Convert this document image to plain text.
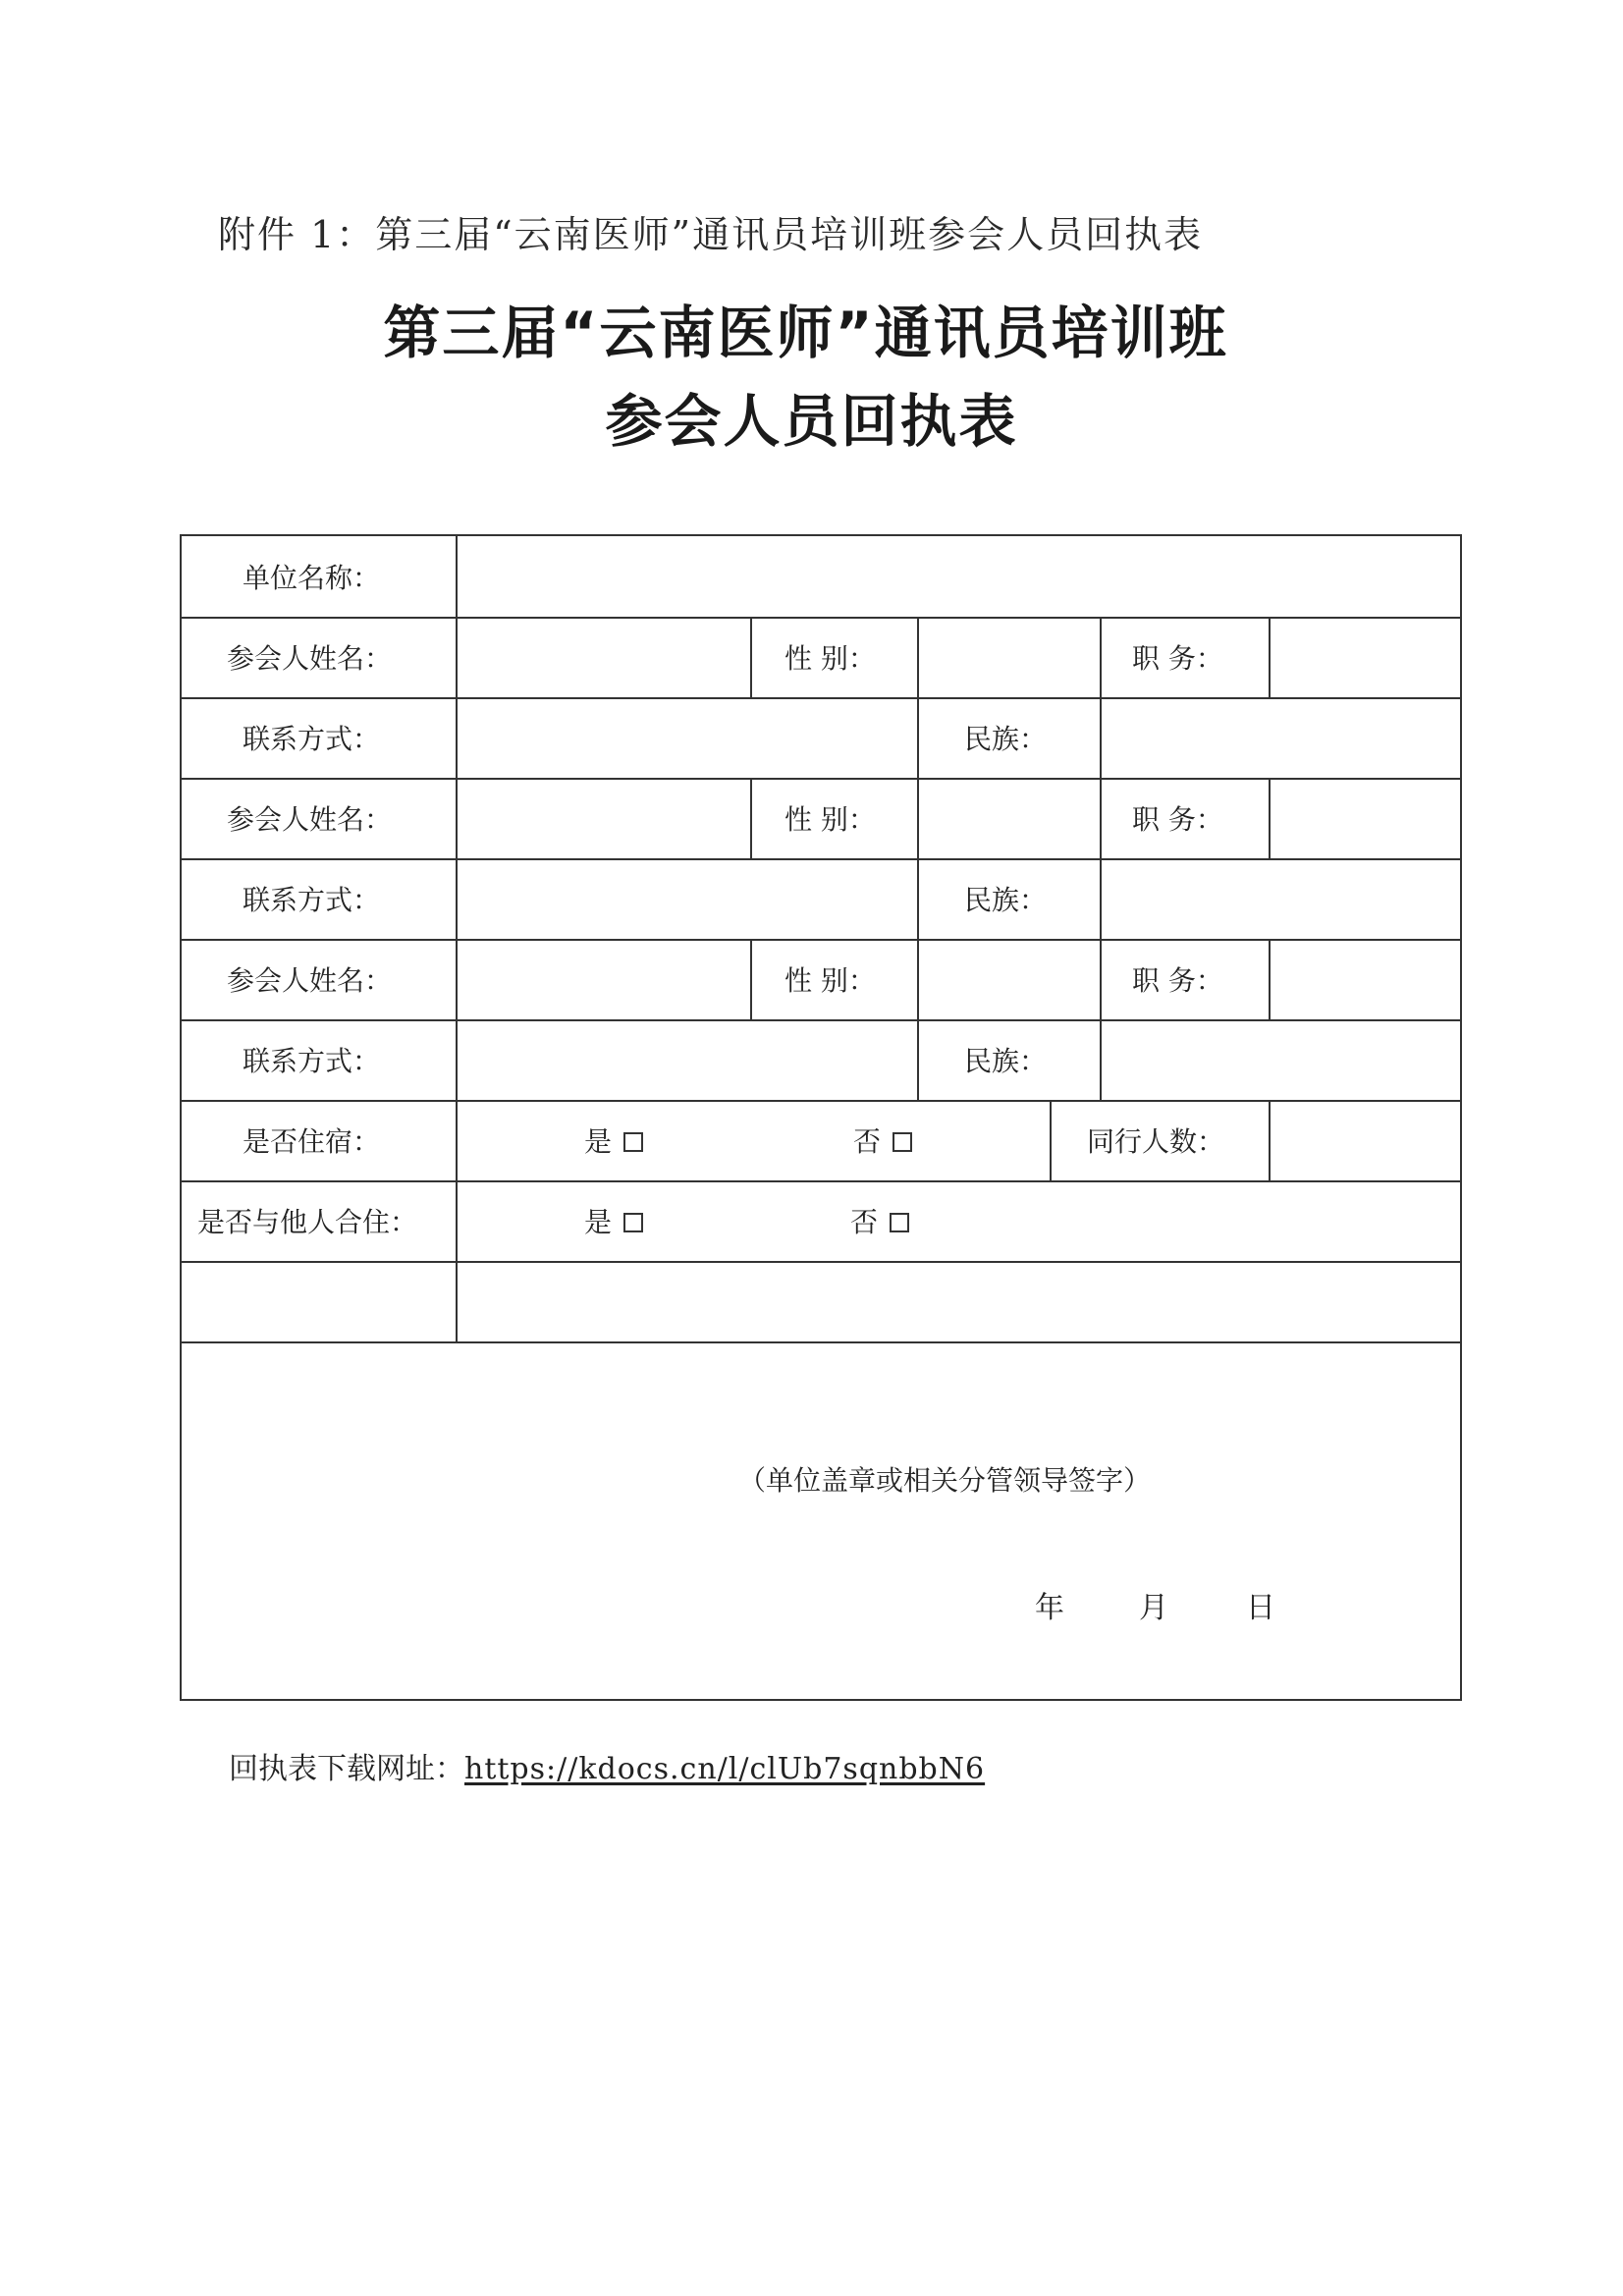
附件 1：第三届“云南医师”通讯员培训班参会人员回执表
第三届“云南医师”通讯员培训班
参会人员回执表
单位名称：
参会人姓名：	性 别：	职 务：
联系方式：	民族：
参会人姓名：	性 别：	职 务：
联系方式：	民族：
参会人姓名：	性 别：	职 务：
联系方式：	民族：
是否住宿：	是	否	同行人数：
是否与他人合住：	是	否
（单位盖章或相关分管领导签字）
年	月	日
回执表下载网址：https://kdocs.cn/l/clUb7sqnbbN6
